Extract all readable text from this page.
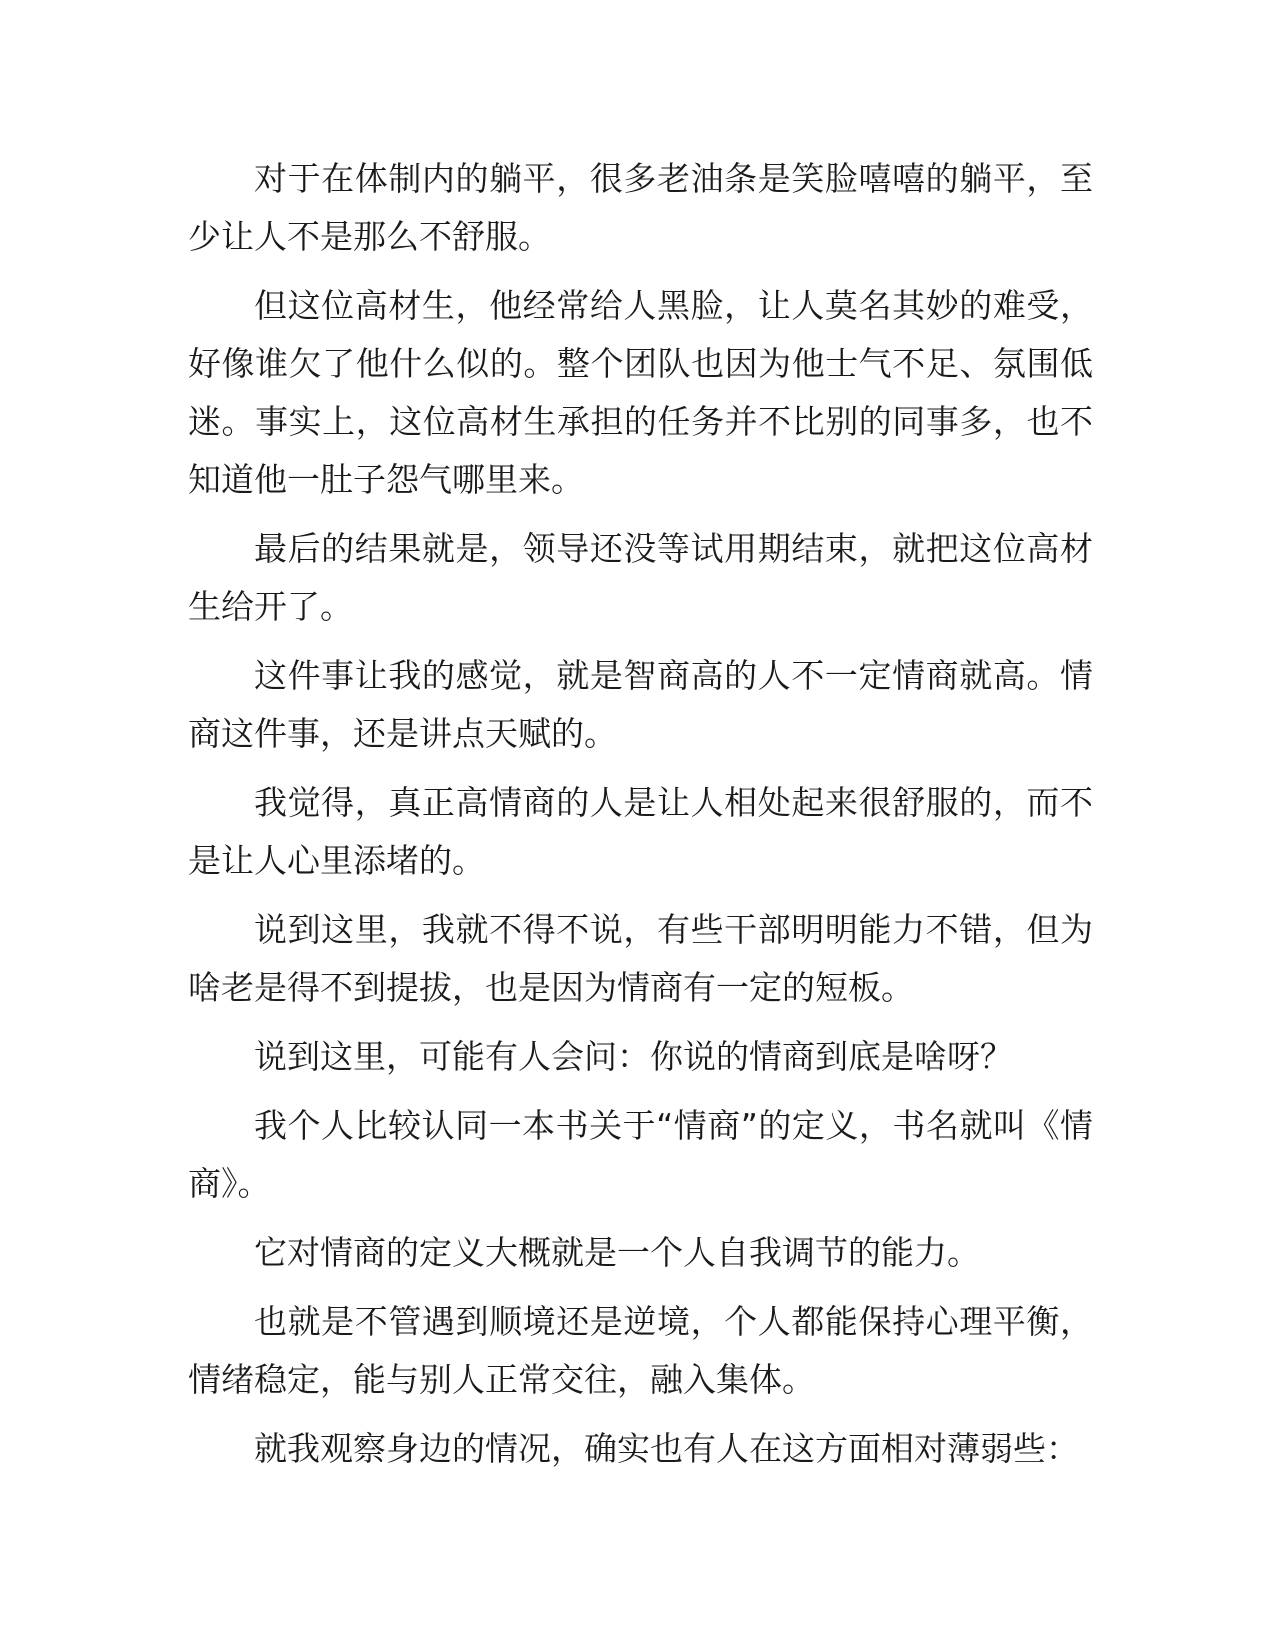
对于在体制内的躺平，很多老油条是笑脸嘻嘻的躺平，至少让人不是那么不舒服。

但这位高材生，他经常给人黑脸，让人莫名其妙的难受，好像谁欠了他什么似的。整个团队也因为他士气不足、氛围低迷。事实上，这位高材生承担的任务并不比别的同事多，也不知道他一肚子怨气哪里来。

最后的结果就是，领导还没等试用期结束，就把这位高材生给开了。

这件事让我的感觉，就是智商高的人不一定情商就高。情商这件事，还是讲点天赋的。

我觉得，真正高情商的人是让人相处起来很舒服的，而不是让人心里添堵的。

说到这里，我就不得不说，有些干部明明能力不错，但为啥老是得不到提拔，也是因为情商有一定的短板。

说到这里，可能有人会问：你说的情商到底是啥呀？

我个人比较认同一本书关于“情商”的定义，书名就叫《情商》。

它对情商的定义大概就是一个人自我调节的能力。

也就是不管遇到顺境还是逆境，个人都能保持心理平衡，情绪稳定，能与别人正常交往，融入集体。

就我观察身边的情况，确实也有人在这方面相对薄弱些：
